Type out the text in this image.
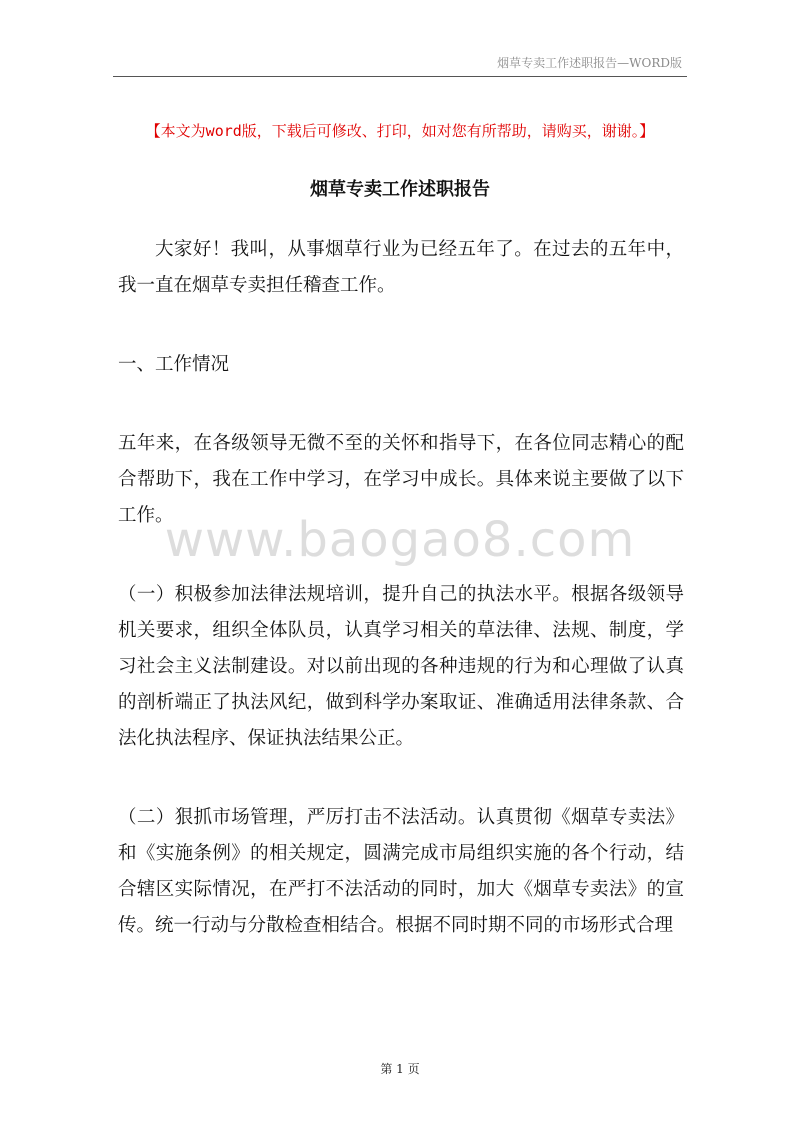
烟草专卖工作述职报告—WORD版
【本文为word版，下载后可修改、打印，如对您有所帮助，请购买，谢谢。】
烟草专卖工作述职报告

大家好！我叫，从事烟草行业为已经五年了。在过去的五年中，我一直在烟草专卖担任稽查工作。

一、工作情况

五年来，在各级领导无微不至的关怀和指导下，在各位同志精心的配合帮助下，我在工作中学习，在学习中成长。具体来说主要做了以下工作。

（一）积极参加法律法规培训，提升自己的执法水平。根据各级领导机关要求，组织全体队员，认真学习相关的草法律、法规、制度，学习社会主义法制建设。对以前出现的各种违规的行为和心理做了认真的剖析端正了执法风纪，做到科学办案取证、准确适用法律条款、合法化执法程序、保证执法结果公正。

（二）狠抓市场管理，严厉打击不法活动。认真贯彻《烟草专卖法》和《实施条例》的相关规定，圆满完成市局组织实施的各个行动，结合辖区实际情况，在严打不法活动的同时，加大《烟草专卖法》的宣传。统一行动与分散检查相结合。根据不同时期不同的市场形式合理

www.baogao8.com
第 1 页
